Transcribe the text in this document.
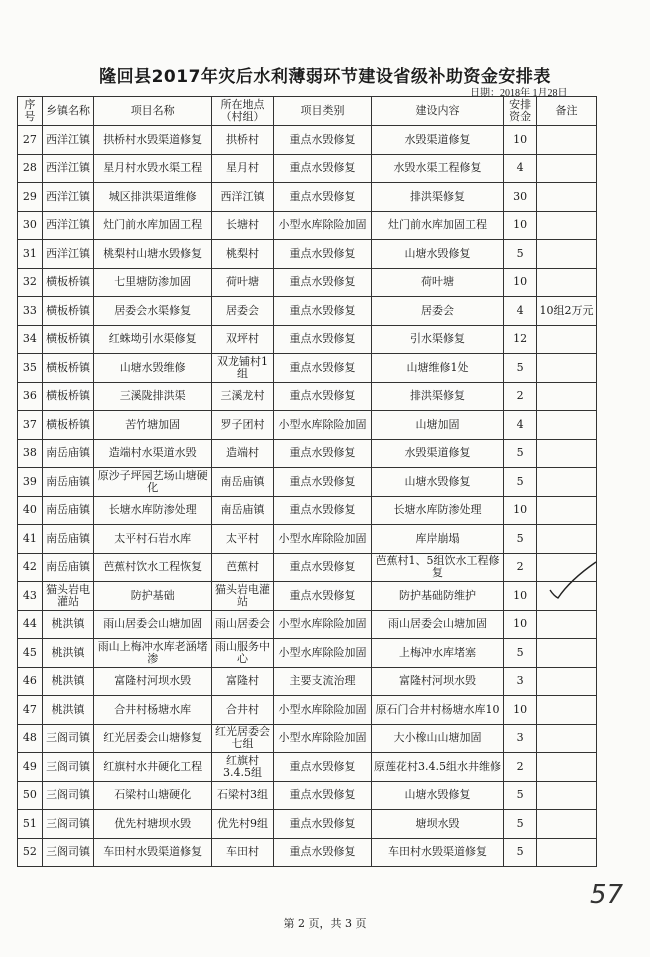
隆回县2017年灾后水利薄弱环节建设省级补助资金安排表
日期：2018年 1月28日
序号	乡镇名称	项目名称	所在地点（村组）	项目类别	建设内容	安排资金	备注
27	西洋江镇	拱桥村水毁渠道修复	拱桥村	重点水毁修复	水毁渠道修复	10	
28	西洋江镇	星月村水毁水渠工程	星月村	重点水毁修复	水毁水渠工程修复	4	
29	西洋江镇	城区排洪渠道维修	西洋江镇	重点水毁修复	排洪渠修复	30	
30	西洋江镇	灶门前水库加固工程	长塘村	小型水库除险加固	灶门前水库加固工程	10	
31	西洋江镇	桃梨村山塘水毁修复	桃梨村	重点水毁修复	山塘水毁修复	5	
32	横板桥镇	七里塘防渗加固	荷叶塘	重点水毁修复	荷叶塘	10	
33	横板桥镇	居委会水渠修复	居委会	重点水毁修复	居委会	4	10组2万元
34	横板桥镇	红蛛坳引水渠修复	双坪村	重点水毁修复	引水渠修复	12	
35	横板桥镇	山塘水毁维修	双龙铺村1组	重点水毁修复	山塘维修1处	5	
36	横板桥镇	三溪陇排洪渠	三溪龙村	重点水毁修复	排洪渠修复	2	
37	横板桥镇	苦竹塘加固	罗子团村	小型水库除险加固	山塘加固	4	
38	南岳庙镇	造端村水渠道水毁	造端村	重点水毁修复	水毁渠道修复	5	
39	南岳庙镇	原沙子坪园艺场山塘硬化	南岳庙镇	重点水毁修复	山塘水毁修复	5	
40	南岳庙镇	长塘水库防渗处理	南岳庙镇	重点水毁修复	长塘水库防渗处理	10	
41	南岳庙镇	太平村石岩水库	太平村	小型水库除险加固	库岸崩塌	5	
42	南岳庙镇	芭蕉村饮水工程恢复	芭蕉村	重点水毁修复	芭蕉村1、5组饮水工程修复	2	
43	猫头岩电灌站	防护基础	猫头岩电灌站	重点水毁修复	防护基础防维护	10	
44	桃洪镇	雨山居委会山塘加固	雨山居委会	小型水库除险加固	雨山居委会山塘加固	10	
45	桃洪镇	雨山上梅冲水库老涵堵渗	雨山服务中心	小型水库除险加固	上梅冲水库堵塞	5	
46	桃洪镇	富隆村河坝水毁	富隆村	主要支流治理	富隆村河坝水毁	3	
47	桃洪镇	合井村杨塘水库	合井村	小型水库除险加固	原石门合井村杨塘水库10	10	
48	三阁司镇	红光居委会山塘修复	红光居委会七组	小型水库除险加固	大小橡山山塘加固	3	
49	三阁司镇	红旗村水井硬化工程	红旗村3.4.5组	重点水毁修复	原莲花村3.4.5组水井维修	2	
50	三阁司镇	石梁村山塘硬化	石梁村3组	重点水毁修复	山塘水毁修复	5	
51	三阁司镇	优先村塘坝水毁	优先村9组	重点水毁修复	塘坝水毁	5	
52	三阁司镇	车田村水毁渠道修复	车田村	重点水毁修复	车田村水毁渠道修复	5	
57
第 2 页，共 3 页
